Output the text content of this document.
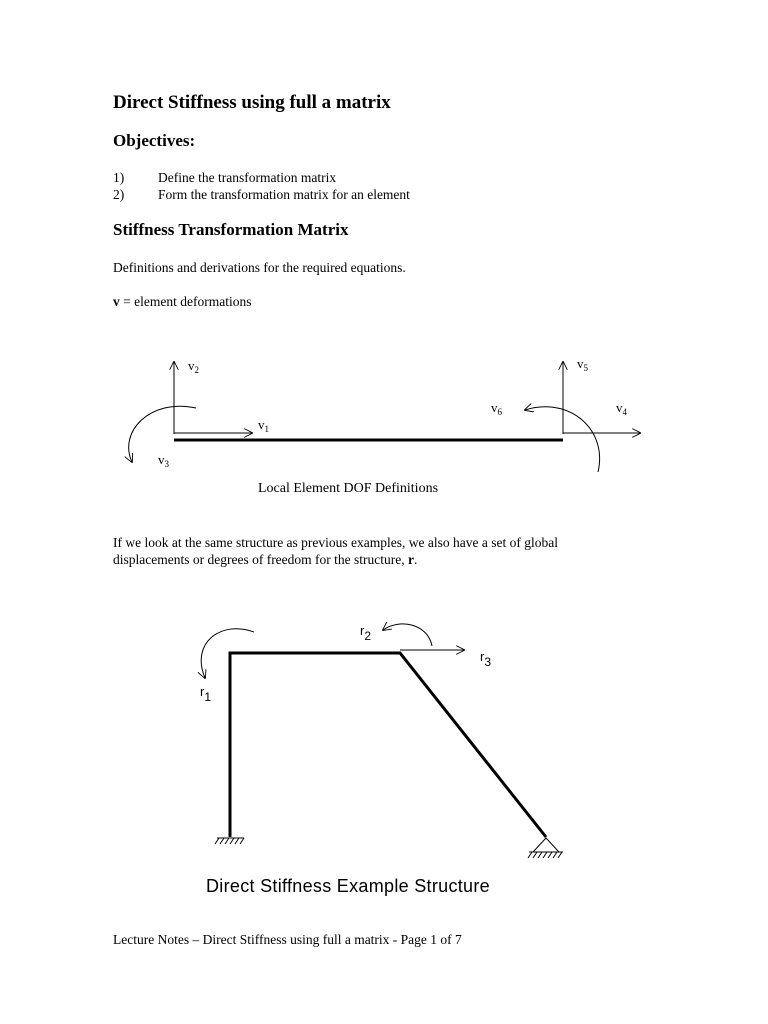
Direct Stiffness using full a matrix
Objectives:
1)	Define the transformation matrix
2)	Form the transformation matrix for an element
Stiffness Transformation Matrix
Definitions and derivations for the required equations.
v = element deformations
$v_2$
$v_1$
$v_3$
$v_5$
$v_4$
$v_6$
Local Element DOF Definitions
If we look at the same structure as previous examples, we also have a set of global
displacements or degrees of freedom for the structure, r.
r1
r2
r3
Direct Stiffness Example Structure
Lecture Notes – Direct Stiffness using full a matrix - Page 1 of 7
